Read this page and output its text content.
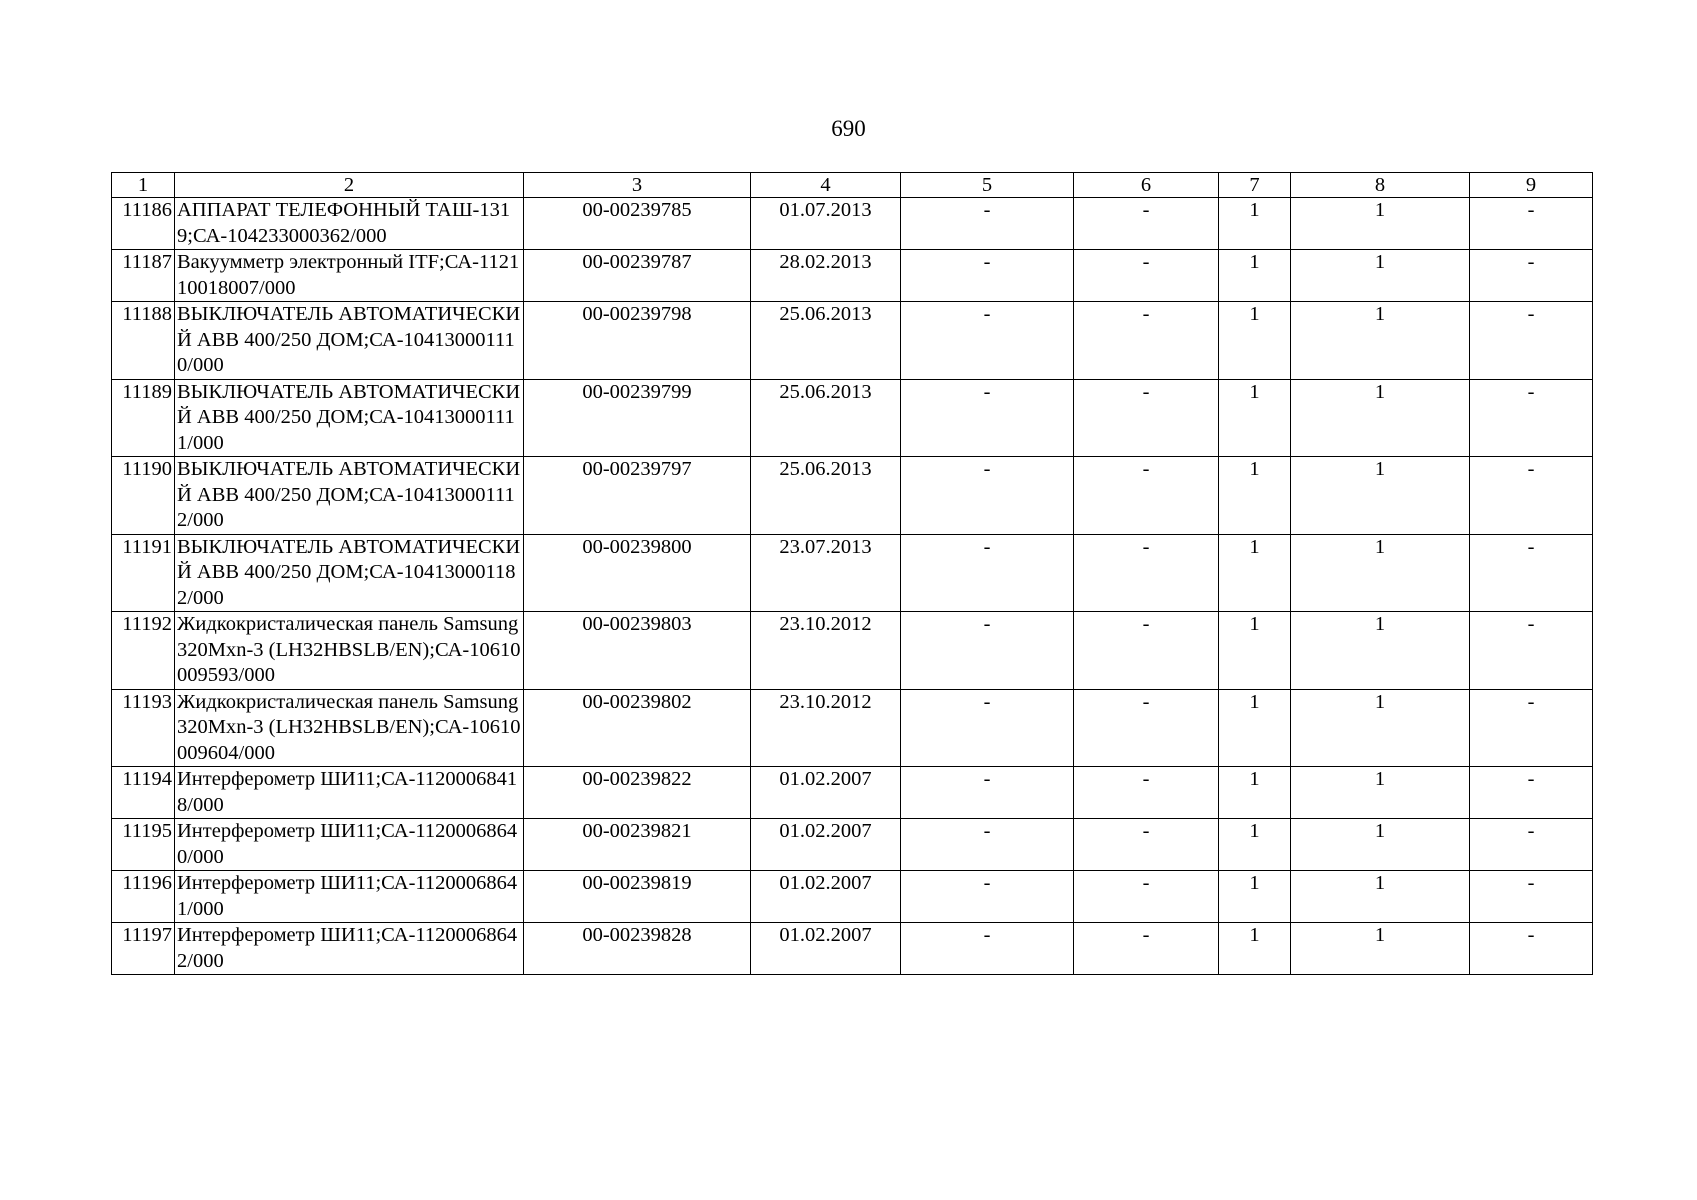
690
1	2	3	4	5	6	7	8	9
11186	АППАРАТ ТЕЛЕФОННЫЙ ТАШ-1319;СА-104233000362/000	00-00239785	01.07.2013	-	-	1	1	-
11187	Вакуумметр электронный ITF;СА-112110018007/000	00-00239787	28.02.2013	-	-	1	1	-
11188	ВЫКЛЮЧАТЕЛЬ АВТОМАТИЧЕСКИЙ АВВ 400/250 ДОМ;СА-104130001110/000	00-00239798	25.06.2013	-	-	1	1	-
11189	ВЫКЛЮЧАТЕЛЬ АВТОМАТИЧЕСКИЙ АВВ 400/250 ДОМ;СА-104130001111/000	00-00239799	25.06.2013	-	-	1	1	-
11190	ВЫКЛЮЧАТЕЛЬ АВТОМАТИЧЕСКИЙ АВВ 400/250 ДОМ;СА-104130001112/000	00-00239797	25.06.2013	-	-	1	1	-
11191	ВЫКЛЮЧАТЕЛЬ АВТОМАТИЧЕСКИЙ АВВ 400/250 ДОМ;СА-104130001182/000	00-00239800	23.07.2013	-	-	1	1	-
11192	Жидкокристалическая панель Samsung 320Mxn-3 (LH32HBSLB/EN);СА-10610009593/000	00-00239803	23.10.2012	-	-	1	1	-
11193	Жидкокристалическая панель Samsung 320Mxn-3 (LH32HBSLB/EN);СА-10610009604/000	00-00239802	23.10.2012	-	-	1	1	-
11194	Интерферометр ШИ11;СА-11200068418/000	00-00239822	01.02.2007	-	-	1	1	-
11195	Интерферометр ШИ11;СА-11200068640/000	00-00239821	01.02.2007	-	-	1	1	-
11196	Интерферометр ШИ11;СА-11200068641/000	00-00239819	01.02.2007	-	-	1	1	-
11197	Интерферометр ШИ11;СА-11200068642/000	00-00239828	01.02.2007	-	-	1	1	-
